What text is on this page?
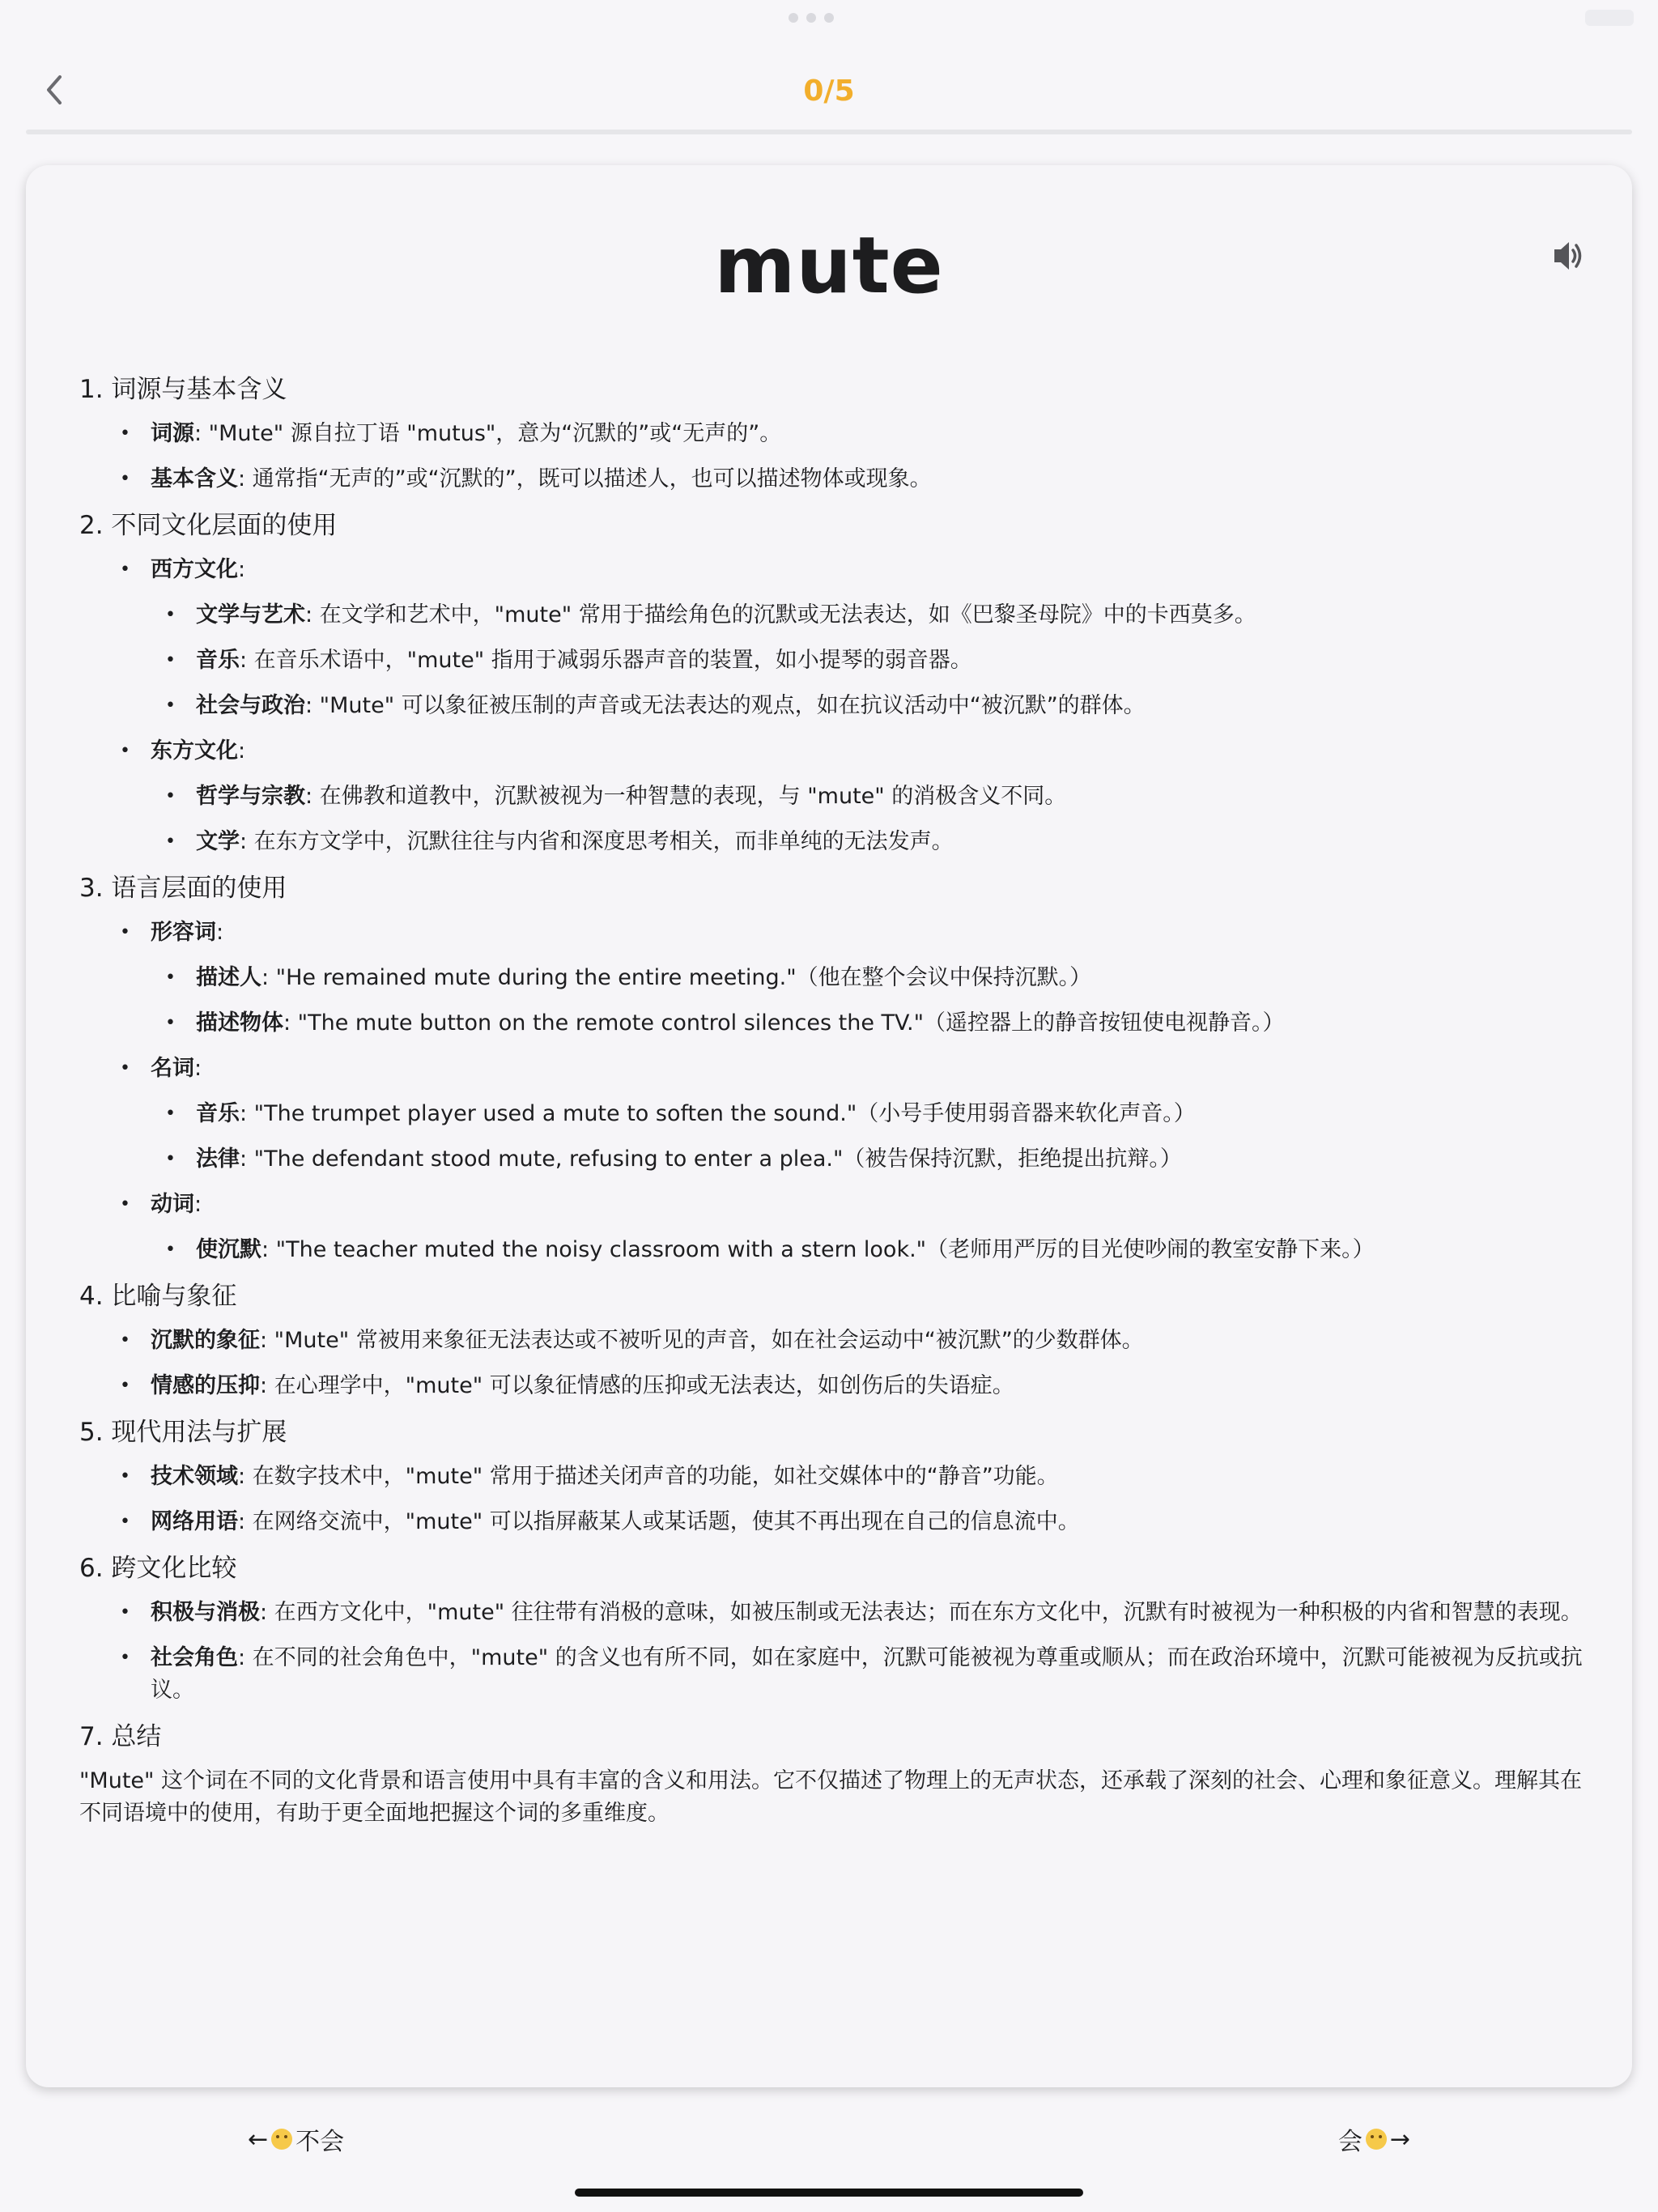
0/5
mute
1. 词源与基本含义
• 词源: "Mute" 源自拉丁语 "mutus"，意为“沉默的”或“无声的”。
• 基本含义: 通常指“无声的”或“沉默的”，既可以描述人，也可以描述物体或现象。
2. 不同文化层面的使用
• 西方文化:
• 文学与艺术: 在文学和艺术中，"mute" 常用于描绘角色的沉默或无法表达，如《巴黎圣母院》中的卡西莫多。
• 音乐: 在音乐术语中，"mute" 指用于减弱乐器声音的装置，如小提琴的弱音器。
• 社会与政治: "Mute" 可以象征被压制的声音或无法表达的观点，如在抗议活动中“被沉默”的群体。
• 东方文化:
• 哲学与宗教: 在佛教和道教中，沉默被视为一种智慧的表现，与 "mute" 的消极含义不同。
• 文学: 在东方文学中，沉默往往与内省和深度思考相关，而非单纯的无法发声。
3. 语言层面的使用
• 形容词:
• 描述人: "He remained mute during the entire meeting."（他在整个会议中保持沉默。）
• 描述物体: "The mute button on the remote control silences the TV."（遥控器上的静音按钮使电视静音。）
• 名词:
• 音乐: "The trumpet player used a mute to soften the sound."（小号手使用弱音器来软化声音。）
• 法律: "The defendant stood mute, refusing to enter a plea."（被告保持沉默，拒绝提出抗辩。）
• 动词:
• 使沉默: "The teacher muted the noisy classroom with a stern look."（老师用严厉的目光使吵闹的教室安静下来。）
4. 比喻与象征
• 沉默的象征: "Mute" 常被用来象征无法表达或不被听见的声音，如在社会运动中“被沉默”的少数群体。
• 情感的压抑: 在心理学中，"mute" 可以象征情感的压抑或无法表达，如创伤后的失语症。
5. 现代用法与扩展
• 技术领域: 在数字技术中，"mute" 常用于描述关闭声音的功能，如社交媒体中的“静音”功能。
• 网络用语: 在网络交流中，"mute" 可以指屏蔽某人或某话题，使其不再出现在自己的信息流中。
6. 跨文化比较
• 积极与消极: 在西方文化中，"mute" 往往带有消极的意味，如被压制或无法表达；而在东方文化中，沉默有时被视为一种积极的内省和智慧的表现。
• 社会角色: 在不同的社会角色中，"mute" 的含义也有所不同，如在家庭中，沉默可能被视为尊重或顺从；而在政治环境中，沉默可能被视为反抗或抗议。
7. 总结
"Mute" 这个词在不同的文化背景和语言使用中具有丰富的含义和用法。它不仅描述了物理上的无声状态，还承载了深刻的社会、心理和象征意义。理解其在不同语境中的使用，有助于更全面地把握这个词的多重维度。
← 不会	会 →
